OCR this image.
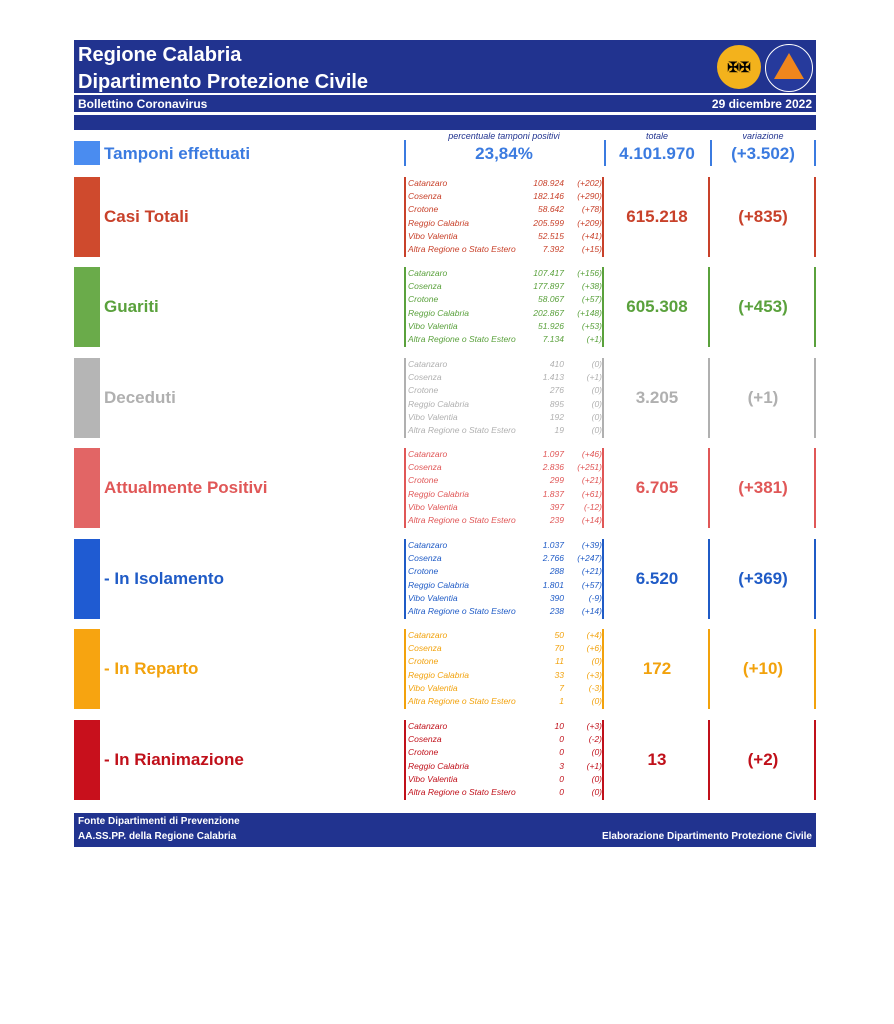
Regione Calabria
Dipartimento Protezione Civile
Bollettino Coronavirus	29 dicembre 2022
✠✠
percentuale tamponi positivi	totale	variazione
Tamponi effettuati	23,84%	4.101.970	(+3.502)
Casi Totali
Catanzaro	108.924	(+202)
Cosenza	182.146	(+290)
Crotone	58.642	(+78)
Reggio Calabria	205.599	(+209)
Vibo Valentia	52.515	(+41)
Altra Regione o Stato Estero	7.392	(+15)
615.218	(+835)
Guariti
Catanzaro	107.417	(+156)
Cosenza	177.897	(+38)
Crotone	58.067	(+57)
Reggio Calabria	202.867	(+148)
Vibo Valentia	51.926	(+53)
Altra Regione o Stato Estero	7.134	(+1)
605.308	(+453)
Deceduti
Catanzaro	410	(0)
Cosenza	1.413	(+1)
Crotone	276	(0)
Reggio Calabria	895	(0)
Vibo Valentia	192	(0)
Altra Regione o Stato Estero	19	(0)
3.205	(+1)
Attualmente Positivi
Catanzaro	1.097	(+46)
Cosenza	2.836	(+251)
Crotone	299	(+21)
Reggio Calabria	1.837	(+61)
Vibo Valentia	397	(-12)
Altra Regione o Stato Estero	239	(+14)
6.705	(+381)
- In Isolamento
Catanzaro	1.037	(+39)
Cosenza	2.766	(+247)
Crotone	288	(+21)
Reggio Calabria	1.801	(+57)
Vibo Valentia	390	(-9)
Altra Regione o Stato Estero	238	(+14)
6.520	(+369)
- In Reparto
Catanzaro	50	(+4)
Cosenza	70	(+6)
Crotone	11	(0)
Reggio Calabria	33	(+3)
Vibo Valentia	7	(-3)
Altra Regione o Stato Estero	1	(0)
172	(+10)
- In Rianimazione
Catanzaro	10	(+3)
Cosenza	0	(-2)
Crotone	0	(0)
Reggio Calabria	3	(+1)
Vibo Valentia	0	(0)
Altra Regione o Stato Estero	0	(0)
13	(+2)
Fonte Dipartimenti di Prevenzione
AA.SS.PP. della Regione Calabria	Elaborazione Dipartimento Protezione Civile
